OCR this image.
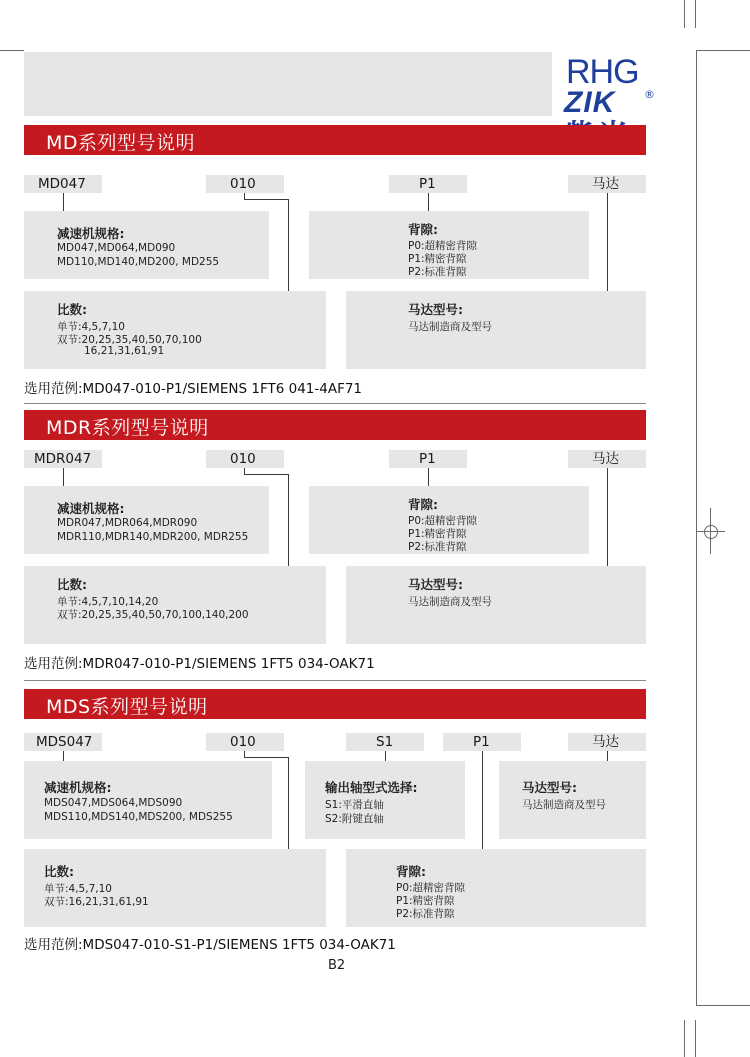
RHG
ZIK	®
MD系列型号说明
MD047	010	P1	马达
减速机规格:
MD047,MD064,MD090
MD110,MD140,MD200, MD255
背隙:
P0:超精密背隙
P1:精密背隙
P2:标准背隙
比数:
单节:4,5,7,10
双节:20,25,35,40,50,70,100
16,21,31,61,91
马达型号:
马达制造商及型号
选用范例:MD047-010-P1/SIEMENS 1FT6 041-4AF71
MDR系列型号说明
MDR047	010	P1	马达
减速机规格:
MDR047,MDR064,MDR090
MDR110,MDR140,MDR200, MDR255
背隙:
P0:超精密背隙
P1:精密背隙
P2:标准背隙
比数:
单节:4,5,7,10,14,20
双节:20,25,35,40,50,70,100,140,200
马达型号:
马达制造商及型号
选用范例:MDR047-010-P1/SIEMENS 1FT5 034-OAK71
MDS系列型号说明
MDS047	010	S1	P1	马达
减速机规格:
MDS047,MDS064,MDS090
MDS110,MDS140,MDS200, MDS255
输出轴型式选择:
S1:平滑直轴
S2:附键直轴
马达型号:
马达制造商及型号
比数:
单节:4,5,7,10
双节:16,21,31,61,91
背隙:
P0:超精密背隙
P1:精密背隙
P2:标准背隙
选用范例:MDS047-010-S1-P1/SIEMENS 1FT5 034-OAK71
B2
